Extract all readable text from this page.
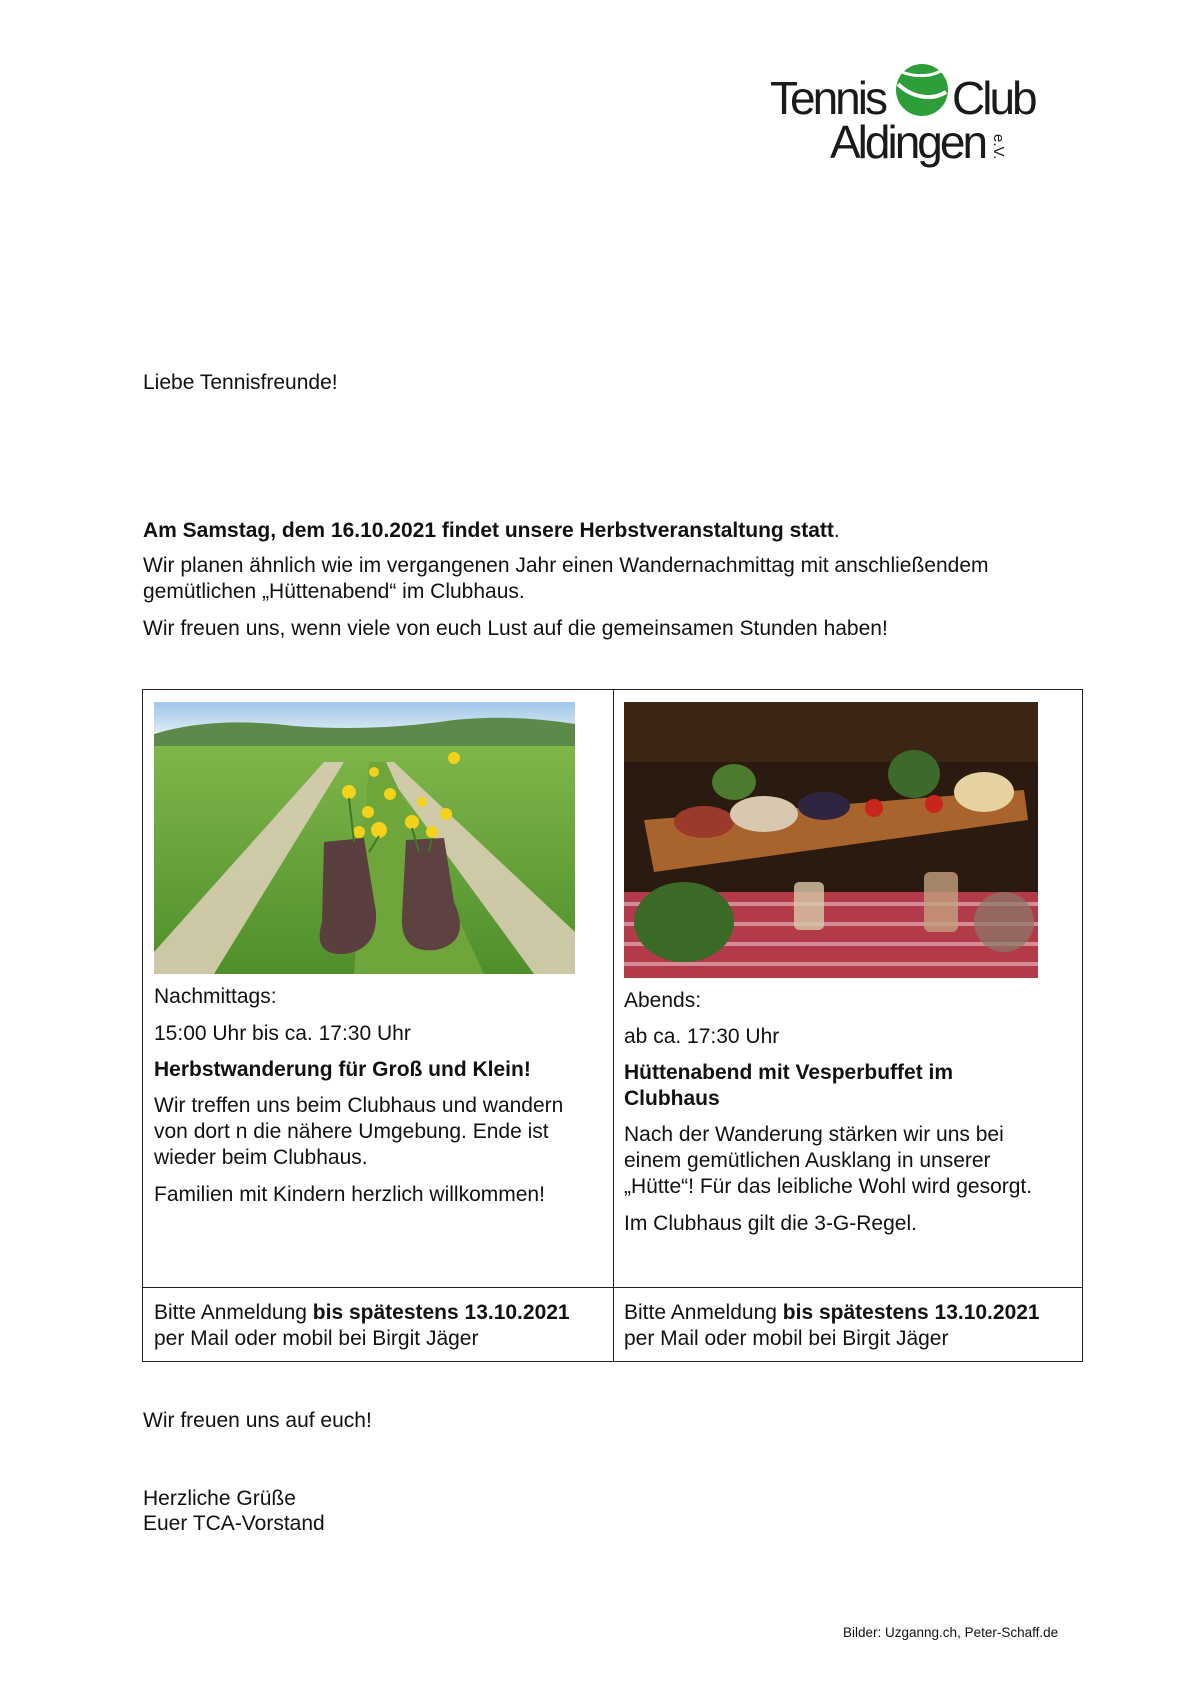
Tennis Club
Aldingen e.V.
Liebe Tennisfreunde!
Am Samstag, dem 16.10.2021 findet unsere Herbstveranstaltung statt.
Wir planen ähnlich wie im vergangenen Jahr einen Wandernachmittag mit anschließendem
gemütlichen „Hüttenabend“ im Clubhaus.
Wir freuen uns, wenn viele von euch Lust auf die gemeinsamen Stunden haben!
Nachmittags:
15:00 Uhr bis ca. 17:30 Uhr
Herbstwanderung für Groß und Klein!
Wir treffen uns beim Clubhaus und wandern
von dort n die nähere Umgebung. Ende ist
wieder beim Clubhaus.
Familien mit Kindern herzlich willkommen!
Abends:
ab ca. 17:30 Uhr
Hüttenabend mit Vesperbuffet im
Clubhaus
Nach der Wanderung stärken wir uns bei
einem gemütlichen Ausklang in unserer
„Hütte“! Für das leibliche Wohl wird gesorgt.
Im Clubhaus gilt die 3-G-Regel.
Bitte Anmeldung bis spätestens 13.10.2021
per Mail oder mobil bei Birgit Jäger
Bitte Anmeldung bis spätestens 13.10.2021
per Mail oder mobil bei Birgit Jäger
Wir freuen uns auf euch!
Herzliche Grüße
Euer TCA-Vorstand
Bilder: Uzganng.ch, Peter-Schaff.de
